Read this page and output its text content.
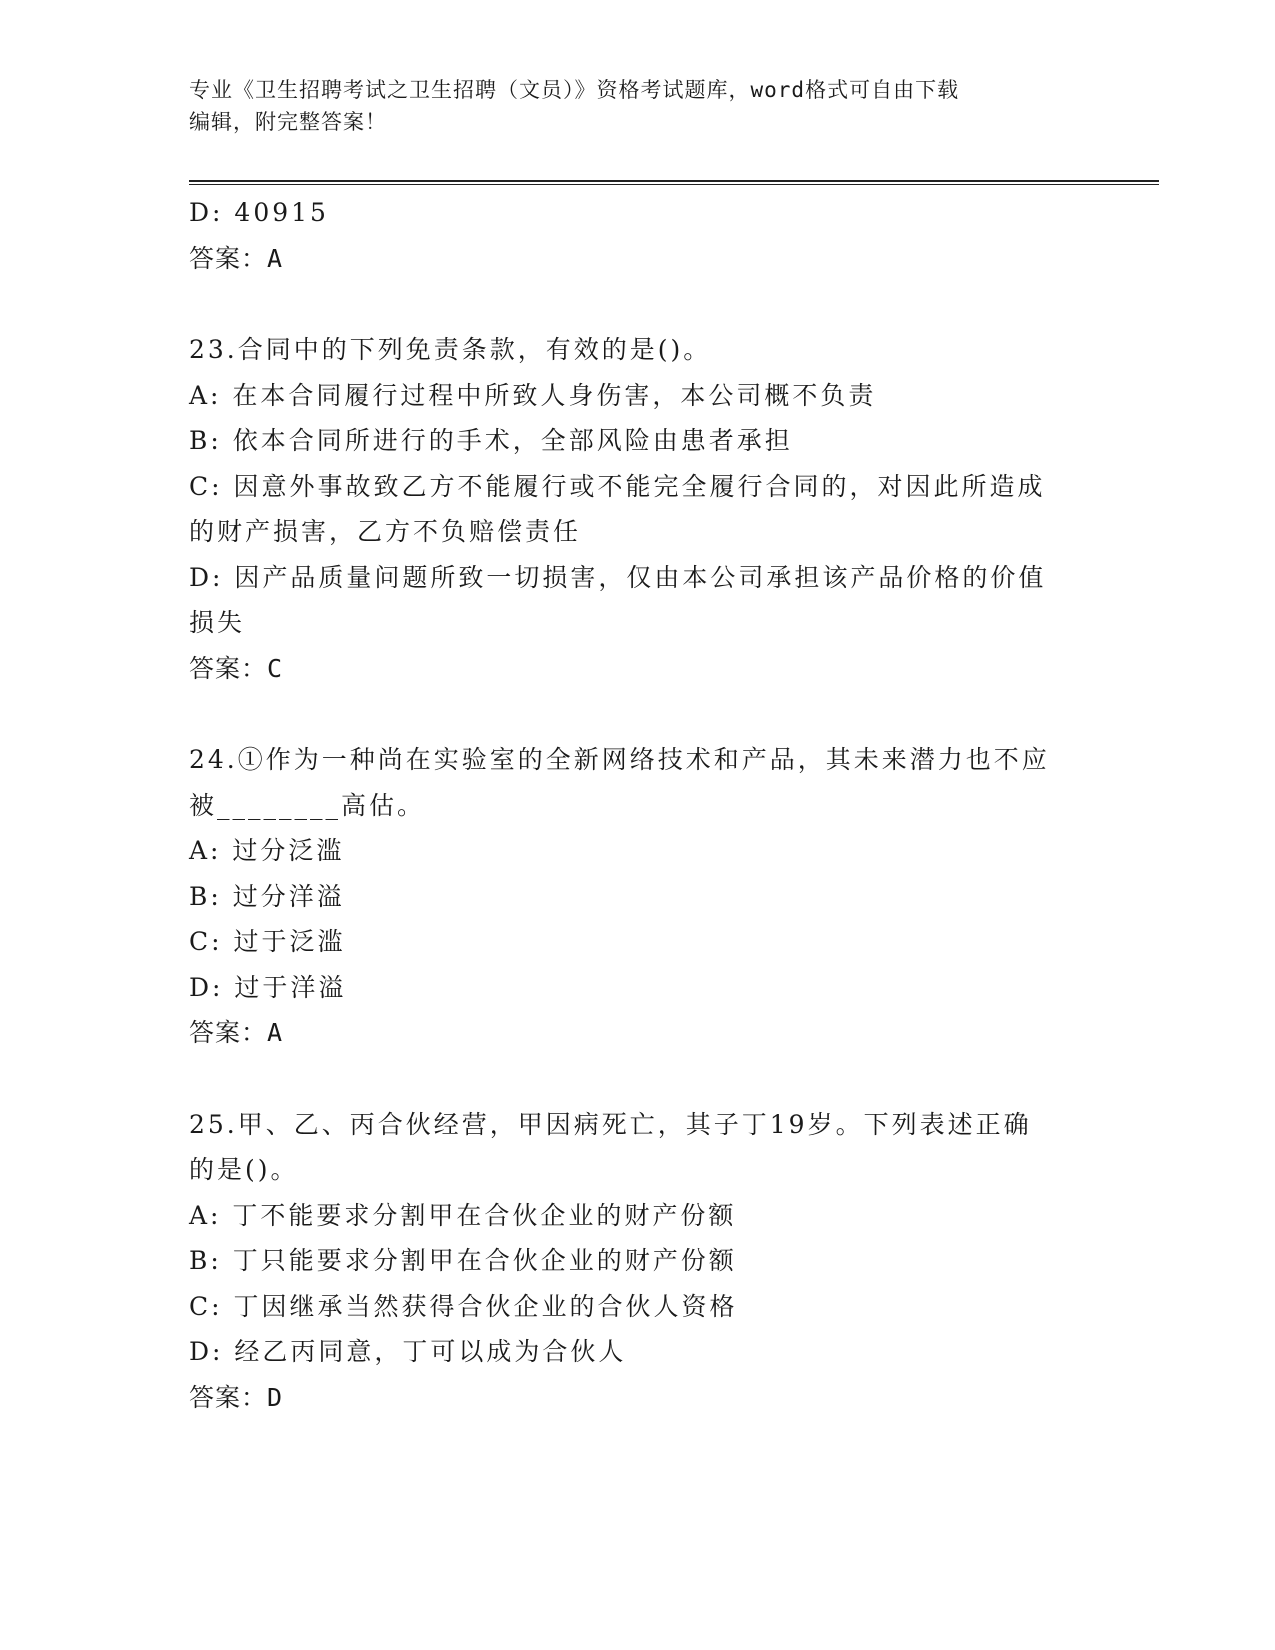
专业《卫生招聘考试之卫生招聘（文员）》资格考试题库，word格式可自由下载
编辑，附完整答案！
D: 40915
答案：A
23.合同中的下列免责条款，有效的是()。
A: 在本合同履行过程中所致人身伤害，本公司概不负责
B: 依本合同所进行的手术，全部风险由患者承担
C: 因意外事故致乙方不能履行或不能完全履行合同的，对因此所造成
的财产损害，乙方不负赔偿责任
D: 因产品质量问题所致一切损害，仅由本公司承担该产品价格的价值
损失
答案：C
24.①作为一种尚在实验室的全新网络技术和产品，其未来潜力也不应
被________高估。
A: 过分泛滥
B: 过分洋溢
C: 过于泛滥
D: 过于洋溢
答案：A
25.甲、乙、丙合伙经营，甲因病死亡，其子丁19岁。下列表述正确
的是()。
A: 丁不能要求分割甲在合伙企业的财产份额
B: 丁只能要求分割甲在合伙企业的财产份额
C: 丁因继承当然获得合伙企业的合伙人资格
D: 经乙丙同意，丁可以成为合伙人
答案：D
